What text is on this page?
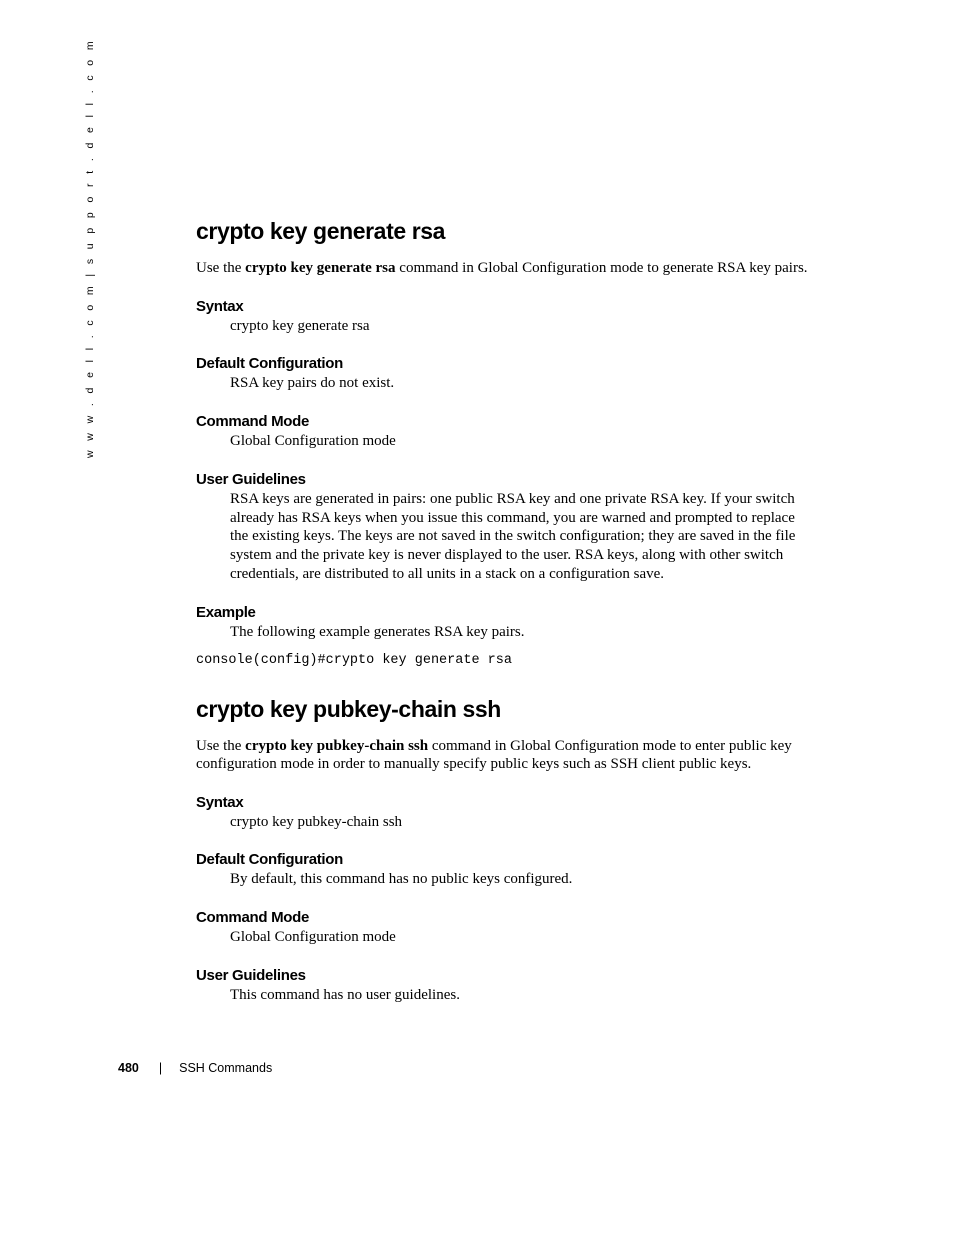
w w w . d e l l . c o m | s u p p o r t . d e l l . c o m	crypto key generate rsa

Use the crypto key generate rsa command in Global Configuration mode to generate RSA key pairs.

Syntax

crypto key generate rsa

Default Configuration

RSA key pairs do not exist.

Command Mode

Global Configuration mode

User Guidelines

RSA keys are generated in pairs: one public RSA key and one private RSA key. If your switch already has RSA keys when you issue this command, you are warned and prompted to replace the existing keys. The keys are not saved in the switch configuration; they are saved in the file system and the private key is never displayed to the user. RSA keys, along with other switch credentials, are distributed to all units in a stack on a configuration save.

Example

The following example generates RSA key pairs.

console(config)#crypto key generate rsa
crypto key pubkey-chain ssh

Use the crypto key pubkey-chain ssh command in Global Configuration mode to enter public key configuration mode in order to manually specify public keys such as SSH client public keys.

Syntax

crypto key pubkey-chain ssh

Default Configuration

By default, this command has no public keys configured.

Command Mode

Global Configuration mode

User Guidelines

This command has no user guidelines.

480 | SSH Commands
